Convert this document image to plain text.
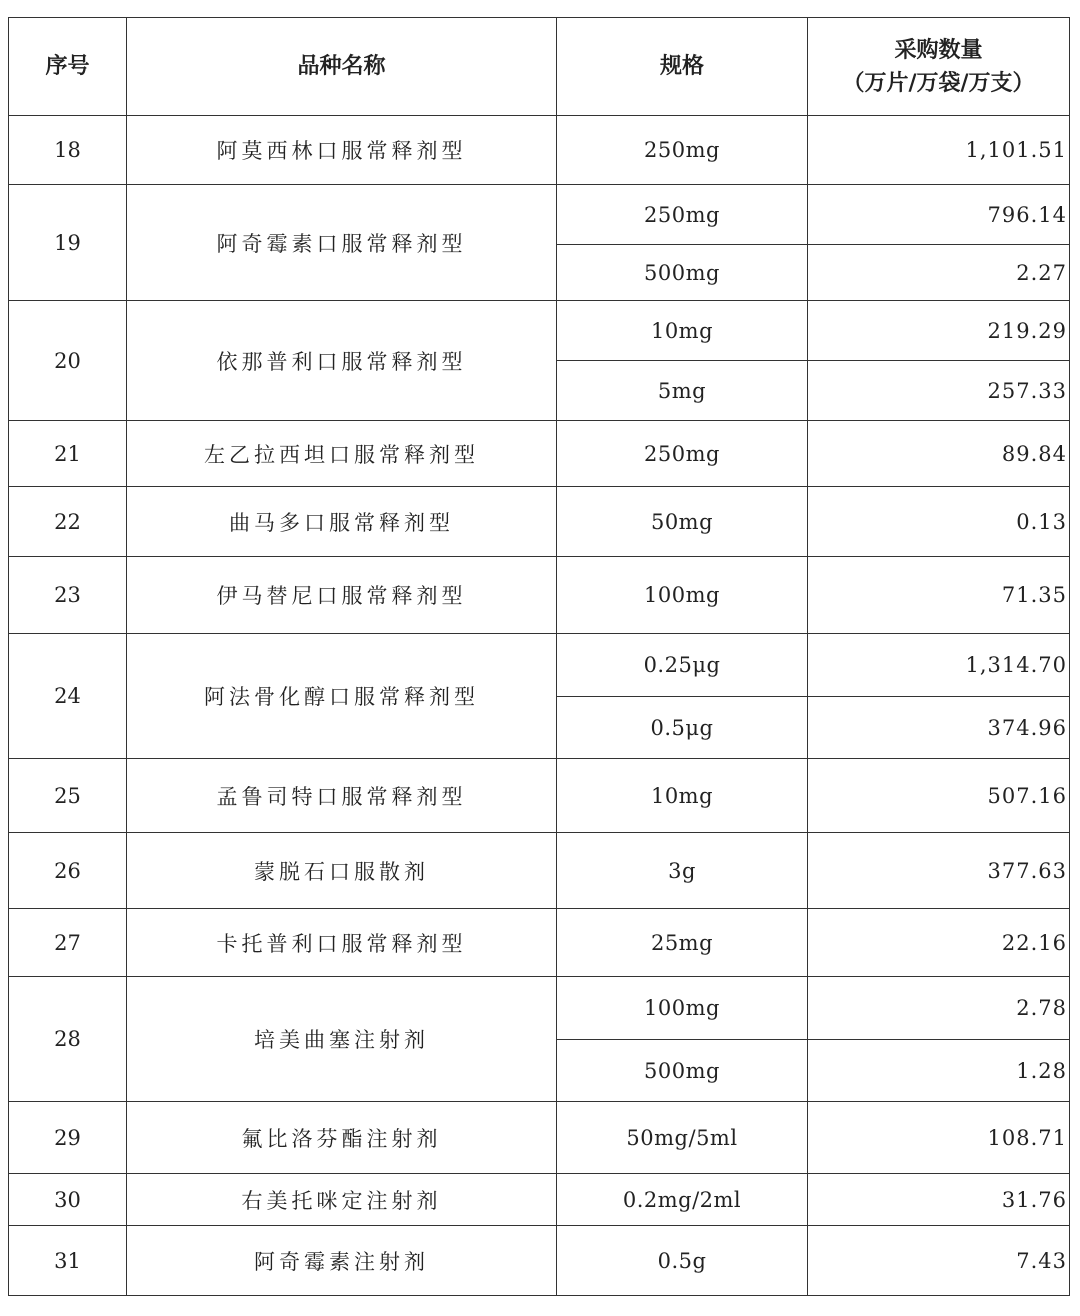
序号	品种名称	规格	采购数量
（万片/万袋/万支）

18	阿莫西林口服常释剂型	250mg	1,101.51
19	阿奇霉素口服常释剂型	250mg	796.14
		500mg	2.27
20	依那普利口服常释剂型	10mg	219.29
		5mg	257.33
21	左乙拉西坦口服常释剂型	250mg	89.84
22	曲马多口服常释剂型	50mg	0.13
23	伊马替尼口服常释剂型	100mg	71.35
24	阿法骨化醇口服常释剂型	0.25μg	1,314.70
		0.5μg	374.96
25	孟鲁司特口服常释剂型	10mg	507.16
26	蒙脱石口服散剂	3g	377.63
27	卡托普利口服常释剂型	25mg	22.16
28	培美曲塞注射剂	100mg	2.78
		500mg	1.28
29	氟比洛芬酯注射剂	50mg/5ml	108.71
30	右美托咪定注射剂	0.2mg/2ml	31.76
31	阿奇霉素注射剂	0.5g	7.43
